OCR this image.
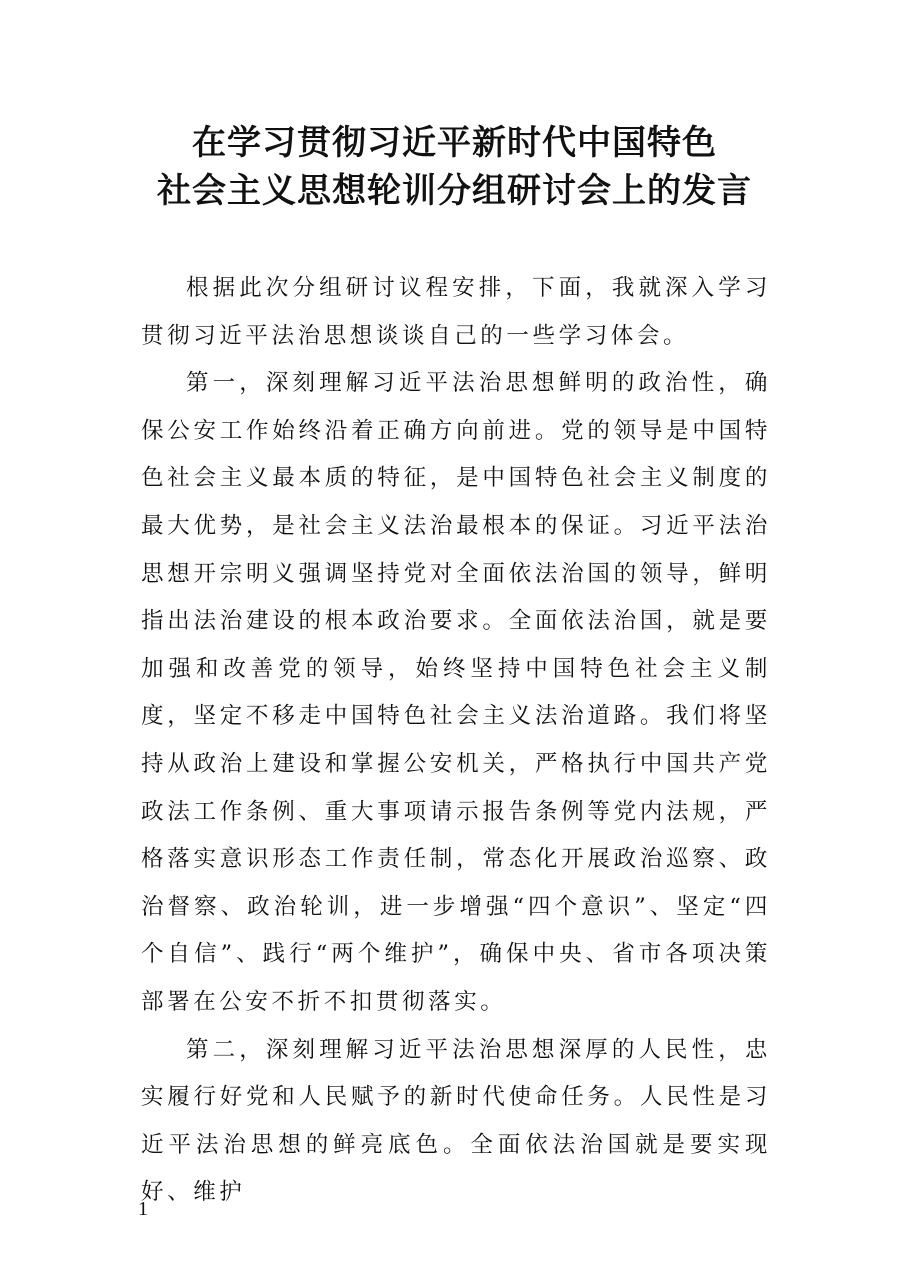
在学习贯彻习近平新时代中国特色
社会主义思想轮训分组研讨会上的发言

根据此次分组研讨议程安排，下面，我就深入学习贯彻习近平法治思想谈谈自己的一些学习体会。

第一，深刻理解习近平法治思想鲜明的政治性，确保公安工作始终沿着正确方向前进。党的领导是中国特色社会主义最本质的特征，是中国特色社会主义制度的最大优势，是社会主义法治最根本的保证。习近平法治思想开宗明义强调坚持党对全面依法治国的领导，鲜明指出法治建设的根本政治要求。全面依法治国，就是要加强和改善党的领导，始终坚持中国特色社会主义制度，坚定不移走中国特色社会主义法治道路。我们将坚持从政治上建设和掌握公安机关，严格执行中国共产党政法工作条例、重大事项请示报告条例等党内法规，严格落实意识形态工作责任制，常态化开展政治巡察、政治督察、政治轮训，进一步增强“四个意识”、坚定“四个自信”、践行“两个维护”，确保中央、省市各项决策部署在公安不折不扣贯彻落实。

第二，深刻理解习近平法治思想深厚的人民性，忠实履行好党和人民赋予的新时代使命任务。人民性是习近平法治思想的鲜亮底色。全面依法治国就是要实现好、维护

1
